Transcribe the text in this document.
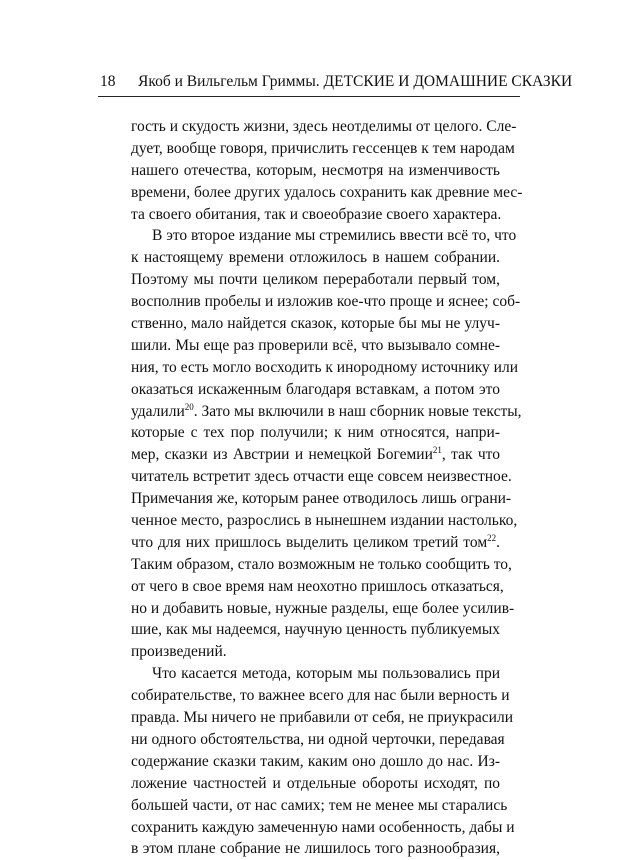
18 Якоб и Вильгельм Гриммы. ДЕТСКИЕ И ДОМАШНИЕ СКАЗКИ
гость и скудость жизни, здесь неотделимы от целого. Сле-
дует, вообще говоря, причислить гессенцев к тем народам
нашего отечества, которым, несмотря на изменчивость
времени, более других удалось сохранить как древние мес-
та своего обитания, так и своеобразие своего характера.
В это второе издание мы стремились ввести всё то, что
к настоящему времени отложилось в нашем собрании.
Поэтому мы почти целиком переработали первый том,
восполнив пробелы и изложив кое-что проще и яснее; соб-
ственно, мало найдется сказок, которые бы мы не улуч-
шили. Мы еще раз проверили всё, что вызывало сомне-
ния, то есть могло восходить к инородному источнику или
оказаться искаженным благодаря вставкам, а потом это
удалили$^{20}$. Зато мы включили в наш сборник новые тексты,
которые с тех пор получили; к ним относятся, напри-
мер, сказки из Австрии и немецкой Богемии$^{21}$, так что
читатель встретит здесь отчасти еще совсем неизвестное.
Примечания же, которым ранее отводилось лишь ограни-
ченное место, разрослись в нынешнем издании настолько,
что для них пришлось выделить целиком третий том$^{22}$.
Таким образом, стало возможным не только сообщить то,
от чего в свое время нам неохотно пришлось отказаться,
но и добавить новые, нужные разделы, еще более усилив-
шие, как мы надеемся, научную ценность публикуемых
произведений.
Что касается метода, которым мы пользовались при
собирательстве, то важнее всего для нас были верность и
правда. Мы ничего не прибавили от себя, не приукрасили
ни одного обстоятельства, ни одной черточки, передавая
содержание сказки таким, каким оно дошло до нас. Из-
ложение частностей и отдельные обороты исходят, по
большей части, от нас самих; тем не менее мы старались
сохранить каждую замеченную нами особенность, дабы и
в этом плане собрание не лишилось того разнообразия,
